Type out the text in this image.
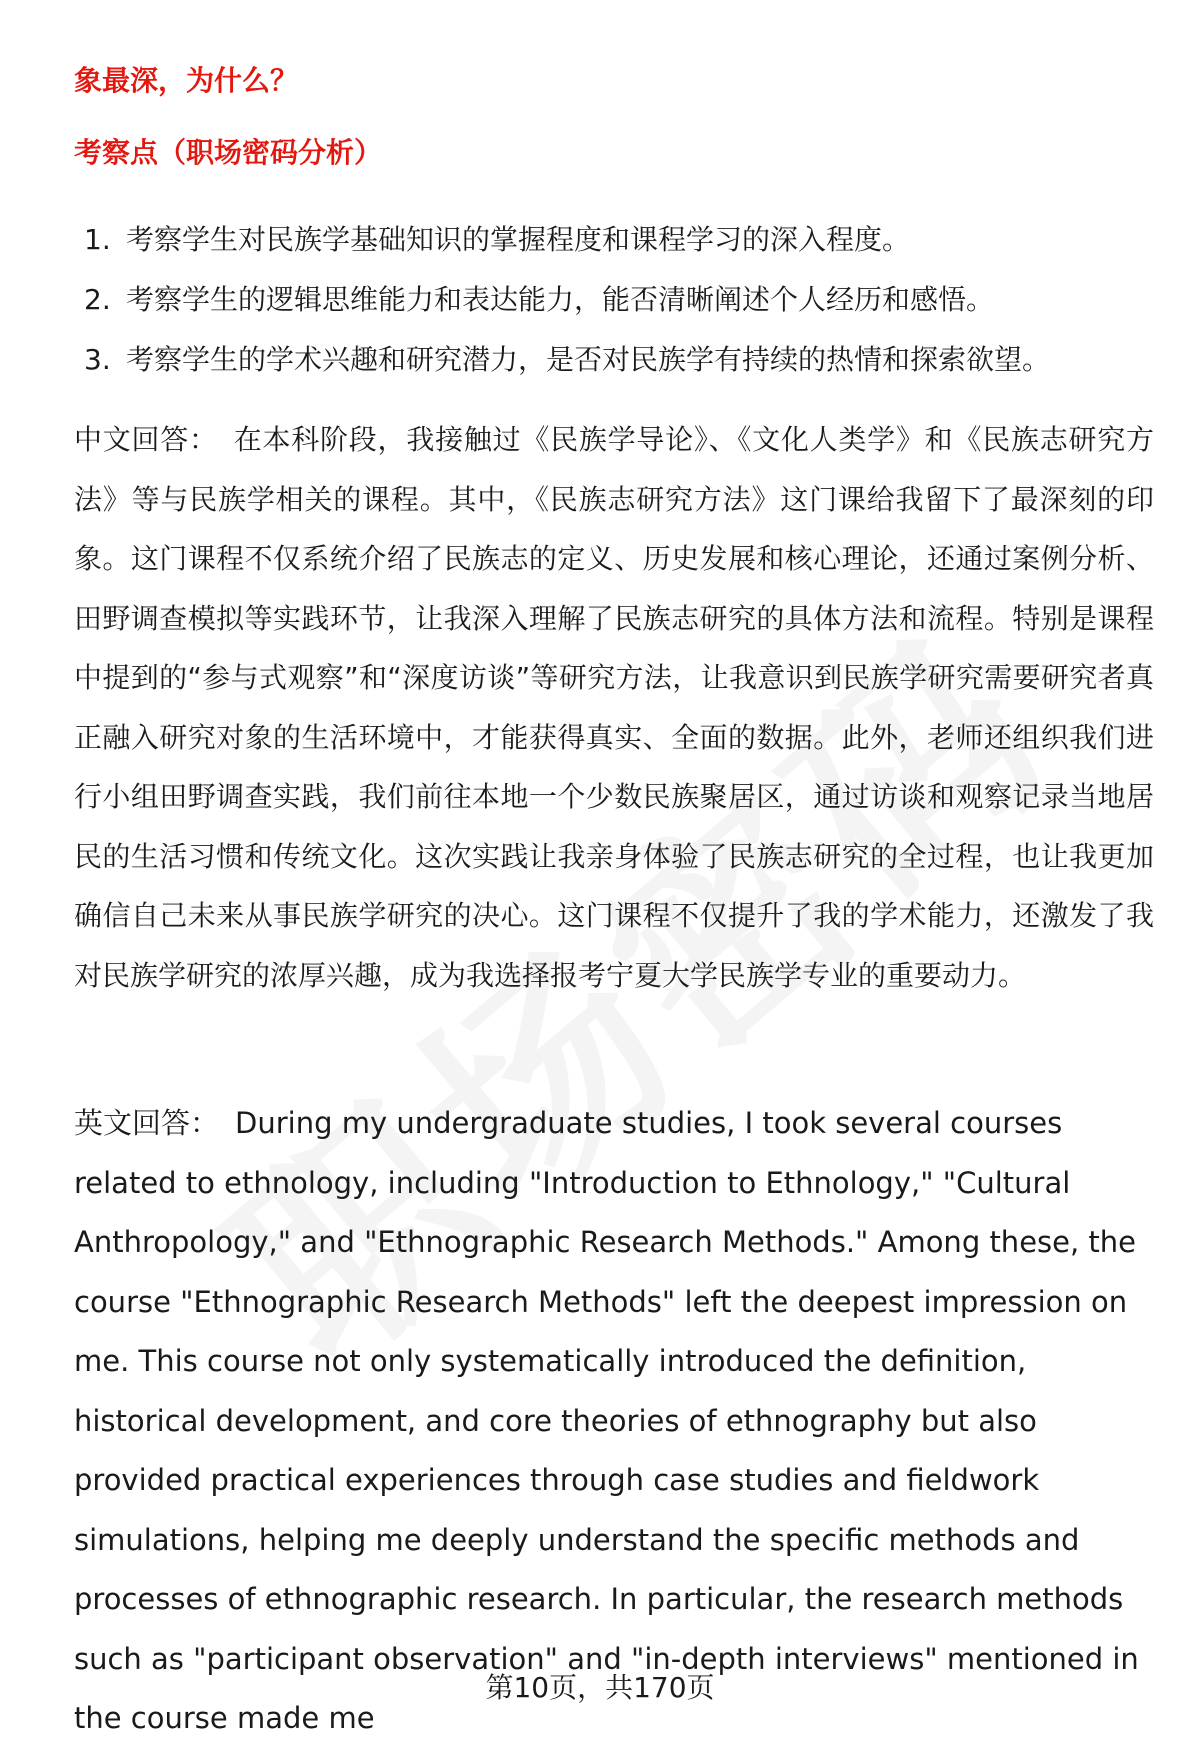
象最深，为什么？

考察点（职场密码分析）

1. 考察学生对民族学基础知识的掌握程度和课程学习的深入程度。
2. 考察学生的逻辑思维能力和表达能力，能否清晰阐述个人经历和感悟。
3. 考察学生的学术兴趣和研究潜力，是否对民族学有持续的热情和探索欲望。

中文回答： 在本科阶段，我接触过《民族学导论》、《文化人类学》和《民族志研究方法》等与民族学相关的课程。其中，《民族志研究方法》这门课给我留下了最深刻的印象。这门课程不仅系统介绍了民族志的定义、历史发展和核心理论，还通过案例分析、田野调查模拟等实践环节，让我深入理解了民族志研究的具体方法和流程。特别是课程中提到的“参与式观察”和“深度访谈”等研究方法，让我意识到民族学研究需要研究者真正融入研究对象的生活环境中，才能获得真实、全面的数据。此外，老师还组织我们进行小组田野调查实践，我们前往本地一个少数民族聚居区，通过访谈和观察记录当地居民的生活习惯和传统文化。这次实践让我亲身体验了民族志研究的全过程，也让我更加确信自己未来从事民族学研究的决心。这门课程不仅提升了我的学术能力，还激发了我对民族学研究的浓厚兴趣，成为我选择报考宁夏大学民族学专业的重要动力。

英文回答： During my undergraduate studies, I took several courses related to ethnology, including "Introduction to Ethnology," "Cultural Anthropology," and "Ethnographic Research Methods." Among these, the course "Ethnographic Research Methods" left the deepest impression on me. This course not only systematically introduced the definition, historical development, and core theories of ethnography but also provided practical experiences through case studies and fieldwork simulations, helping me deeply understand the specific methods and processes of ethnographic research. In particular, the research methods such as "participant observation" and "in-depth interviews" mentioned in the course made me

第10页，共170页
